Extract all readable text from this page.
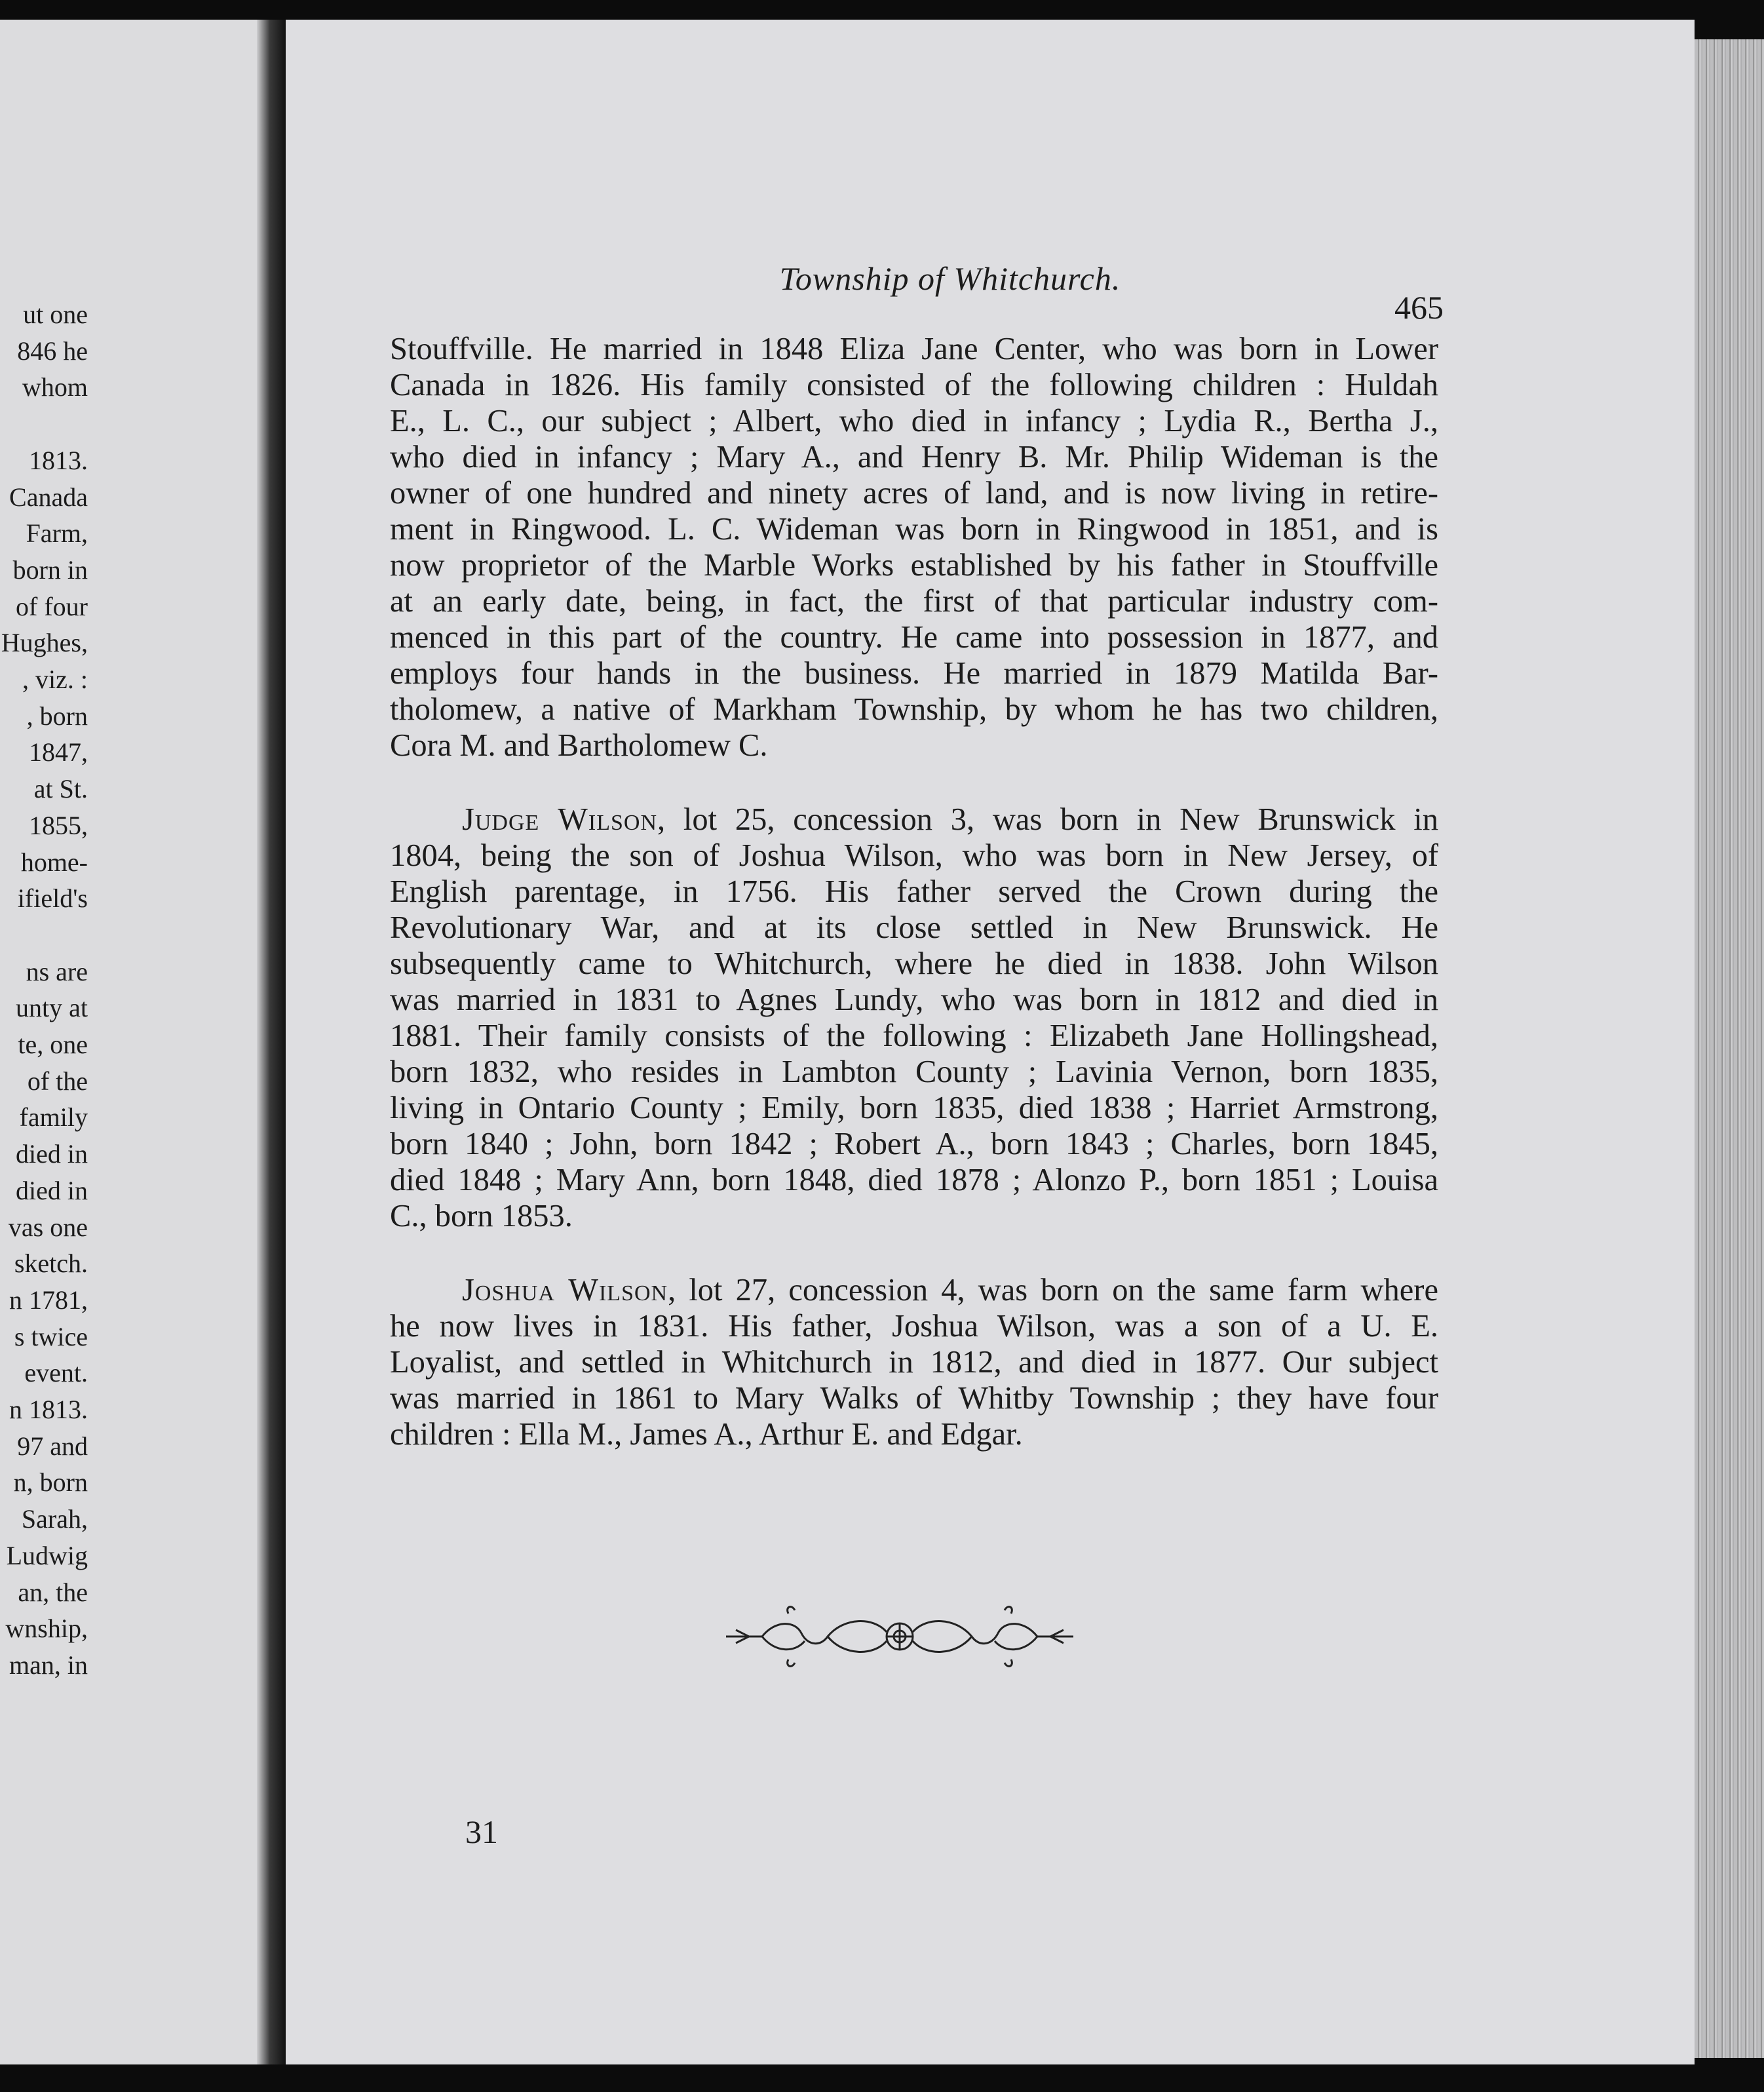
ut one
846 he
whom
1813.
Canada
Farm,
born in
of four
Hughes,
, viz. :
, born
1847,
at St.
1855,
home-
ifield's
ns are
unty at
te, one
of the
family
died in
died in
vas one
sketch.
n 1781,
s twice
event.
n 1813.
97 and
n, born
Sarah,
Ludwig
an, the
wnship,
man, in
Township of Whitchurch.
465

Stouffville. He married in 1848 Eliza Jane Center, who was born in Lower
Canada in 1826. His family consisted of the following children : Huldah
E., L. C., our subject ; Albert, who died in infancy ; Lydia R., Bertha J.,
who died in infancy ; Mary A., and Henry B. Mr. Philip Wideman is the
owner of one hundred and ninety acres of land, and is now living in retire-
ment in Ringwood. L. C. Wideman was born in Ringwood in 1851, and is
now proprietor of the Marble Works established by his father in Stouffville
at an early date, being, in fact, the first of that particular industry com-
menced in this part of the country. He came into possession in 1877, and
employs four hands in the business. He married in 1879 Matilda Bar-
tholomew, a native of Markham Township, by whom he has two children,
Cora M. and Bartholomew C.

Judge Wilson, lot 25, concession 3, was born in New Brunswick in
1804, being the son of Joshua Wilson, who was born in New Jersey, of
English parentage, in 1756. His father served the Crown during the
Revolutionary War, and at its close settled in New Brunswick. He
subsequently came to Whitchurch, where he died in 1838. John Wilson
was married in 1831 to Agnes Lundy, who was born in 1812 and died in
1881. Their family consists of the following : Elizabeth Jane Hollingshead,
born 1832, who resides in Lambton County ; Lavinia Vernon, born 1835,
living in Ontario County ; Emily, born 1835, died 1838 ; Harriet Armstrong,
born 1840 ; John, born 1842 ; Robert A., born 1843 ; Charles, born 1845,
died 1848 ; Mary Ann, born 1848, died 1878 ; Alonzo P., born 1851 ; Louisa
C., born 1853.

Joshua Wilson, lot 27, concession 4, was born on the same farm where
he now lives in 1831. His father, Joshua Wilson, was a son of a U. E.
Loyalist, and settled in Whitchurch in 1812, and died in 1877. Our subject
was married in 1861 to Mary Walks of Whitby Township ; they have four
children : Ella M., James A., Arthur E. and Edgar.

31
